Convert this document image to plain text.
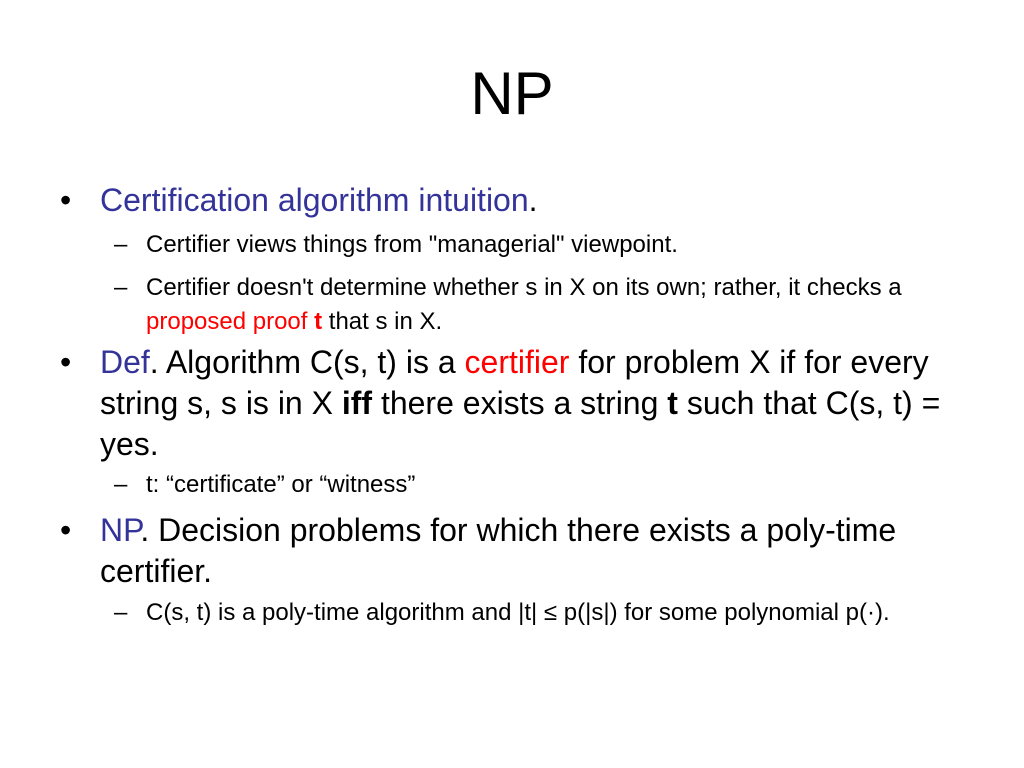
NP
• Certification algorithm intuition.
– Certifier views things from "managerial" viewpoint.
– Certifier doesn't determine whether s in X on its own; rather, it checks a proposed proof t that s in X.
• Def. Algorithm C(s, t) is a certifier for problem X if for every string s, s is in X iff there exists a string t such that C(s, t) = yes.
– t: “certificate” or “witness”
• NP. Decision problems for which there exists a poly-time certifier.
– C(s, t) is a poly-time algorithm and |t| ≤ p(|s|) for some polynomial p(·).
